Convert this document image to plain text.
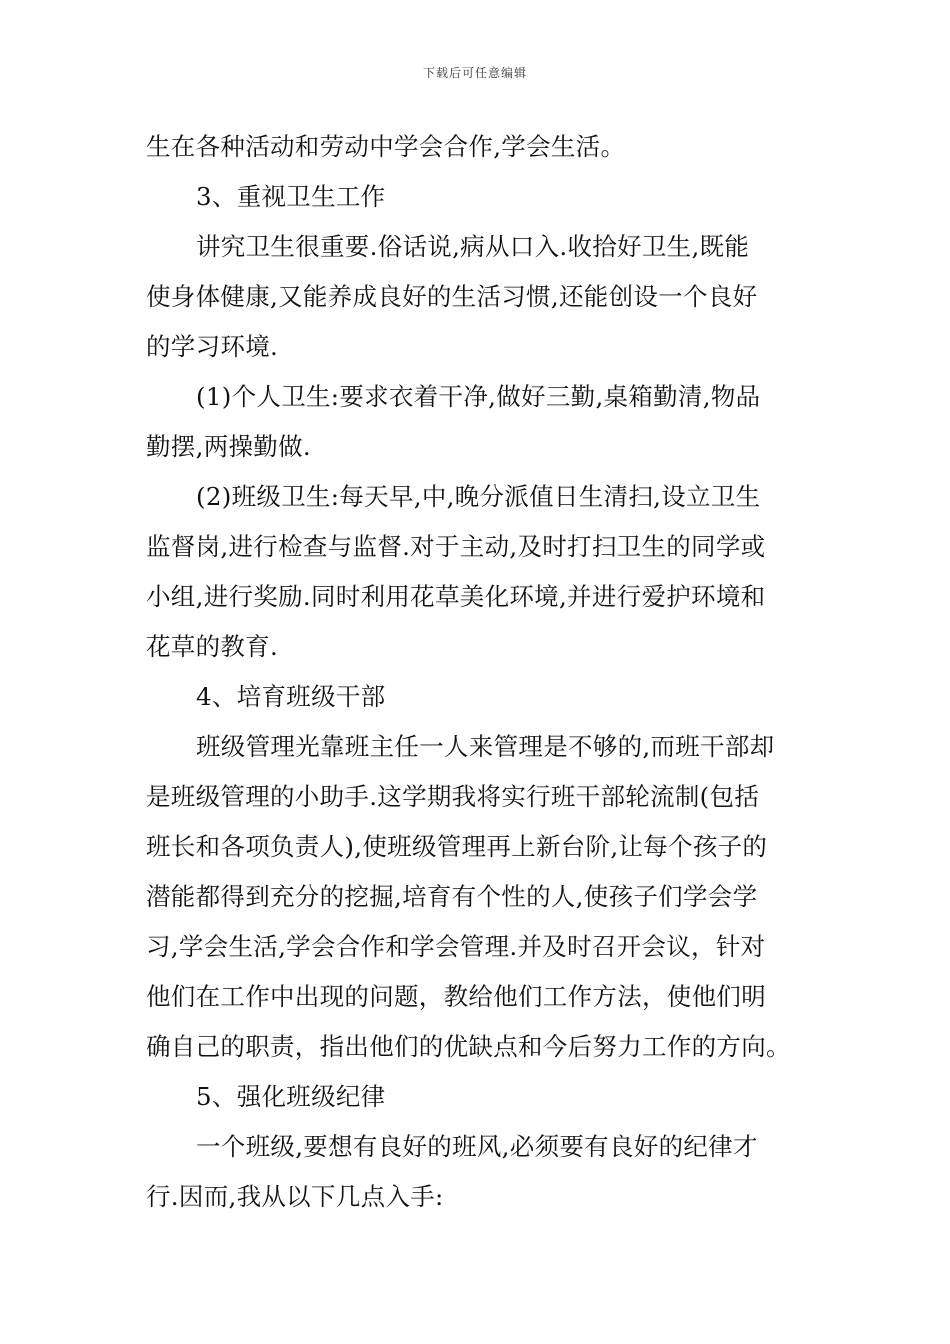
下载后可任意编辑
生在各种活动和劳动中学会合作,学会生活。
3、重视卫生工作
讲究卫生很重要.俗话说,病从口入.收拾好卫生,既能
使身体健康,又能养成良好的生活习惯,还能创设一个良好
的学习环境.
(1)个人卫生:要求衣着干净,做好三勤,桌箱勤清,物品
勤摆,两操勤做.
(2)班级卫生:每天早,中,晚分派值日生清扫,设立卫生
监督岗,进行检查与监督.对于主动,及时打扫卫生的同学或
小组,进行奖励.同时利用花草美化环境,并进行爱护环境和
花草的教育.
4、培育班级干部
班级管理光靠班主任一人来管理是不够的,而班干部却
是班级管理的小助手.这学期我将实行班干部轮流制(包括
班长和各项负责人),使班级管理再上新台阶,让每个孩子的
潜能都得到充分的挖掘,培育有个性的人,使孩子们学会学
习,学会生活,学会合作和学会管理.并及时召开会议，针对
他们在工作中出现的问题，教给他们工作方法，使他们明
确自己的职责，指出他们的优缺点和今后努力工作的方向。
5、强化班级纪律
一个班级,要想有良好的班风,必须要有良好的纪律才
行.因而,我从以下几点入手:
